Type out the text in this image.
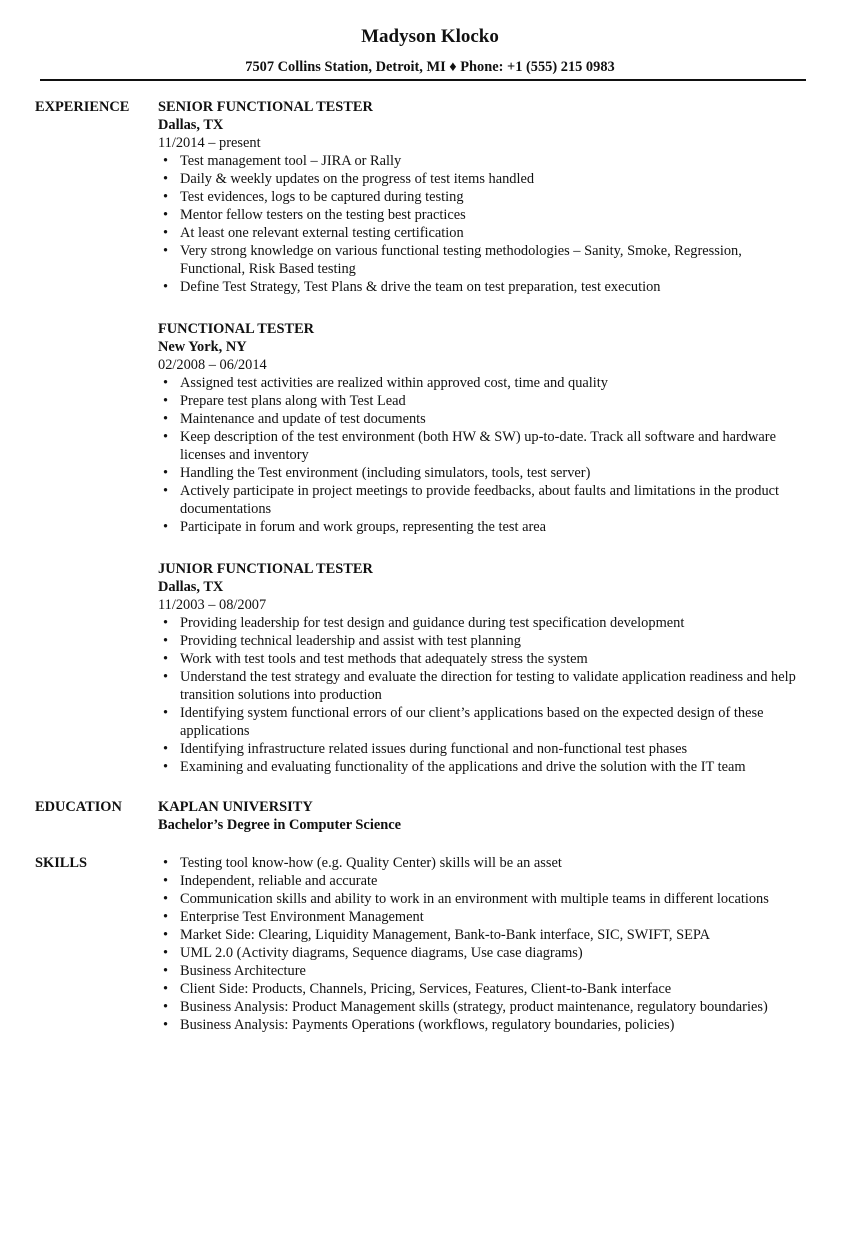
Madyson Klocko
7507 Collins Station, Detroit, MI ♦ Phone: +1 (555) 215 0983
EXPERIENCE	SENIOR FUNCTIONAL TESTER
Dallas, TX
11/2014 – present
• Test management tool – JIRA or Rally
• Daily & weekly updates on the progress of test items handled
• Test evidences, logs to be captured during testing
• Mentor fellow testers on the testing best practices
• At least one relevant external testing certification
• Very strong knowledge on various functional testing methodologies – Sanity, Smoke, Regression, Functional, Risk Based testing
• Define Test Strategy, Test Plans & drive the team on test preparation, test execution
FUNCTIONAL TESTER
New York, NY
02/2008 – 06/2014
• Assigned test activities are realized within approved cost, time and quality
• Prepare test plans along with Test Lead
• Maintenance and update of test documents
• Keep description of the test environment (both HW & SW) up-to-date. Track all software and hardware licenses and inventory
• Handling the Test environment (including simulators, tools, test server)
• Actively participate in project meetings to provide feedbacks, about faults and limitations in the product documentations
• Participate in forum and work groups, representing the test area
JUNIOR FUNCTIONAL TESTER
Dallas, TX
11/2003 – 08/2007
• Providing leadership for test design and guidance during test specification development
• Providing technical leadership and assist with test planning
• Work with test tools and test methods that adequately stress the system
• Understand the test strategy and evaluate the direction for testing to validate application readiness and help transition solutions into production
• Identifying system functional errors of our client’s applications based on the expected design of these applications
• Identifying infrastructure related issues during functional and non-functional test phases
• Examining and evaluating functionality of the applications and drive the solution with the IT team
EDUCATION	KAPLAN UNIVERSITY
Bachelor’s Degree in Computer Science
SKILLS
•	Testing tool know-how (e.g. Quality Center) skills will be an asset
• Independent, reliable and accurate
• Communication skills and ability to work in an environment with multiple teams in different locations
• Enterprise Test Environment Management
• Market Side: Clearing, Liquidity Management, Bank-to-Bank interface, SIC, SWIFT, SEPA
• UML 2.0 (Activity diagrams, Sequence diagrams, Use case diagrams)
• Business Architecture
• Client Side: Products, Channels, Pricing, Services, Features, Client-to-Bank interface
• Business Analysis: Product Management skills (strategy, product maintenance, regulatory boundaries)
• Business Analysis: Payments Operations (workflows, regulatory boundaries, policies)
